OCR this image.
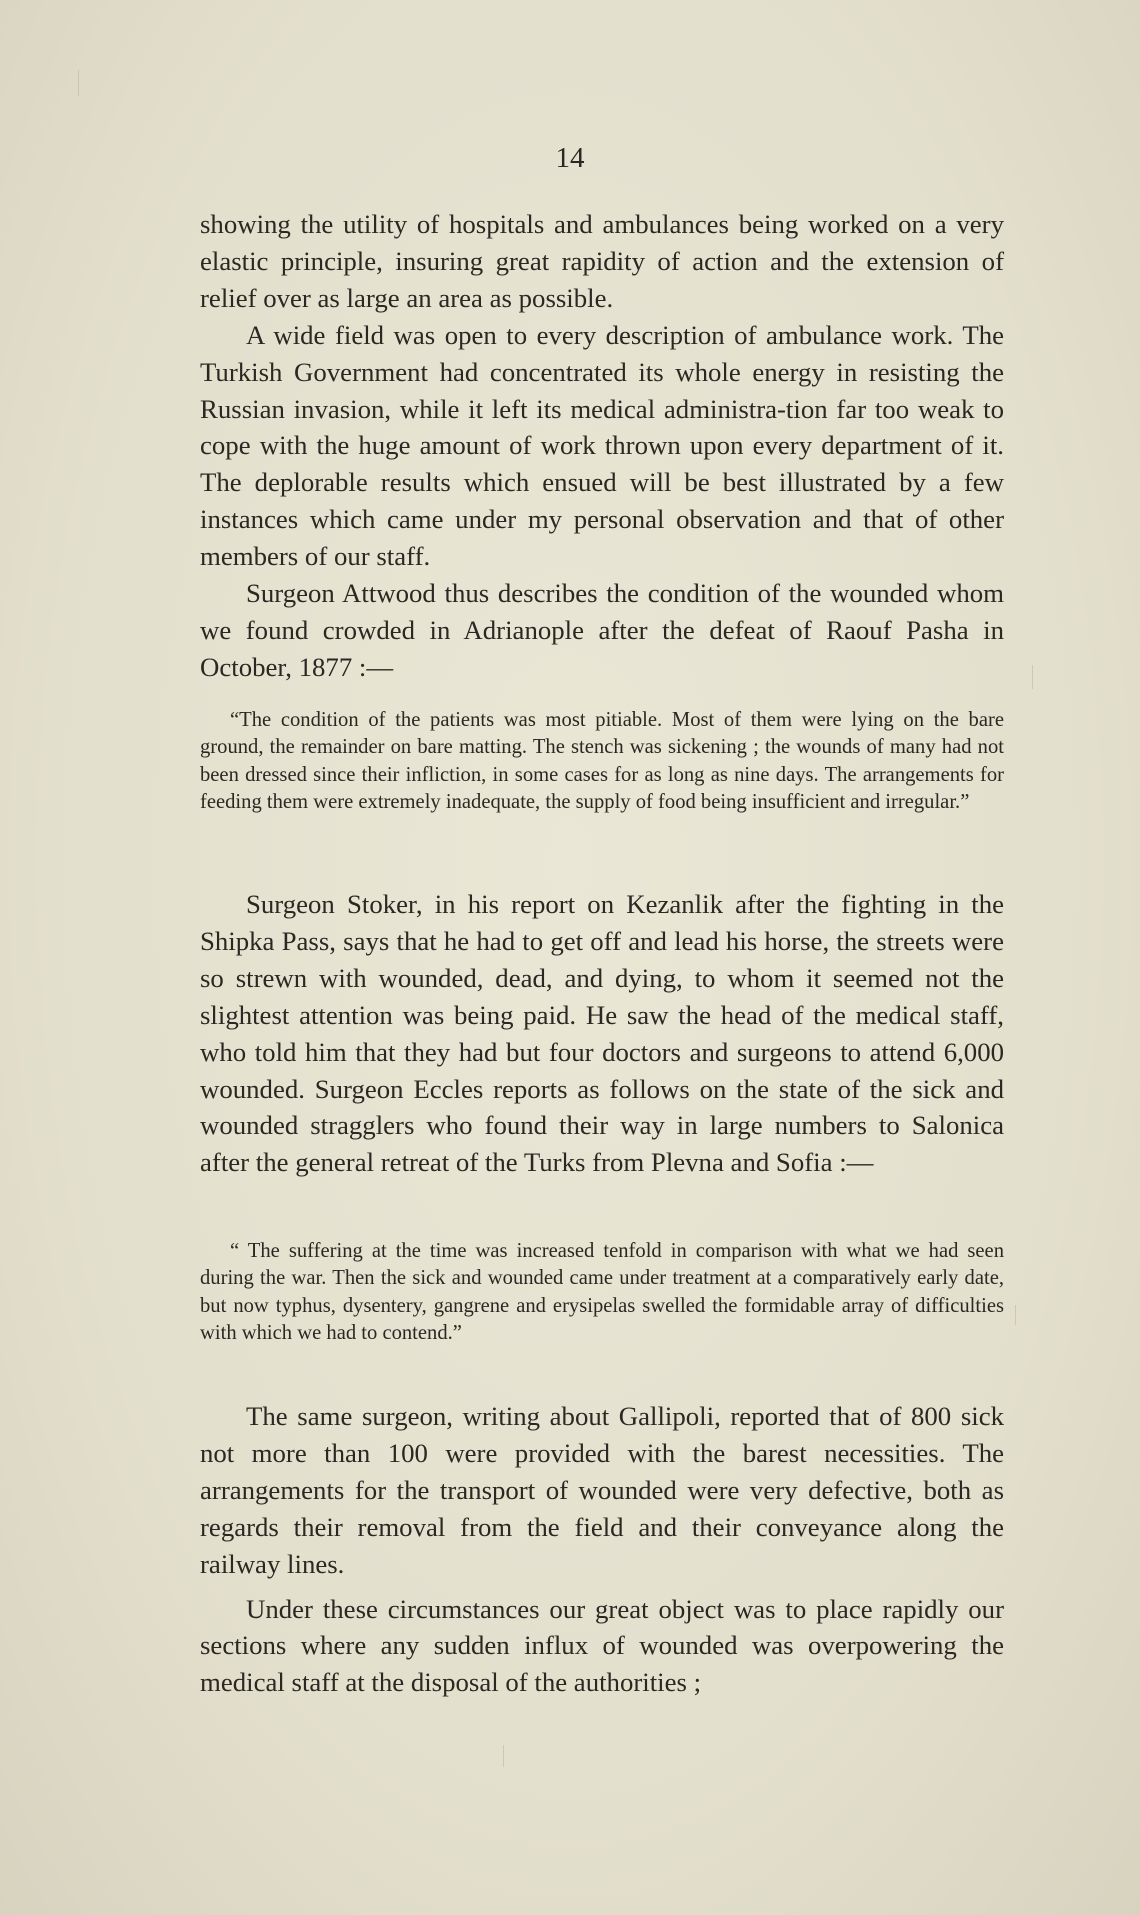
14

showing the utility of hospitals and ambulances being worked on a very elastic principle, insuring great rapidity of action and the extension of relief over as large an area as possible.

A wide field was open to every description of ambulance work. The Turkish Government had concentrated its whole energy in resisting the Russian invasion, while it left its medical administra-tion far too weak to cope with the huge amount of work thrown upon every department of it. The deplorable results which ensued will be best illustrated by a few instances which came under my personal observation and that of other members of our staff.

Surgeon Attwood thus describes the condition of the wounded whom we found crowded in Adrianople after the defeat of Raouf Pasha in October, 1877 :—

“The condition of the patients was most pitiable. Most of them were lying on the bare ground, the remainder on bare matting. The stench was sickening ; the wounds of many had not been dressed since their infliction, in some cases for as long as nine days. The arrangements for feeding them were extremely inadequate, the supply of food being insufficient and irregular.”

Surgeon Stoker, in his report on Kezanlik after the fighting in the Shipka Pass, says that he had to get off and lead his horse, the streets were so strewn with wounded, dead, and dying, to whom it seemed not the slightest attention was being paid. He saw the head of the medical staff, who told him that they had but four doctors and surgeons to attend 6,000 wounded. Surgeon Eccles reports as follows on the state of the sick and wounded stragglers who found their way in large numbers to Salonica after the general retreat of the Turks from Plevna and Sofia :—

“ The suffering at the time was increased tenfold in comparison with what we had seen during the war. Then the sick and wounded came under treatment at a comparatively early date, but now typhus, dysentery, gangrene and erysipelas swelled the formidable array of difficulties with which we had to contend.”

The same surgeon, writing about Gallipoli, reported that of 800 sick not more than 100 were provided with the barest necessities. The arrangements for the transport of wounded were very defective, both as regards their removal from the field and their conveyance along the railway lines.

Under these circumstances our great object was to place rapidly our sections where any sudden influx of wounded was overpowering the medical staff at the disposal of the authorities ;
